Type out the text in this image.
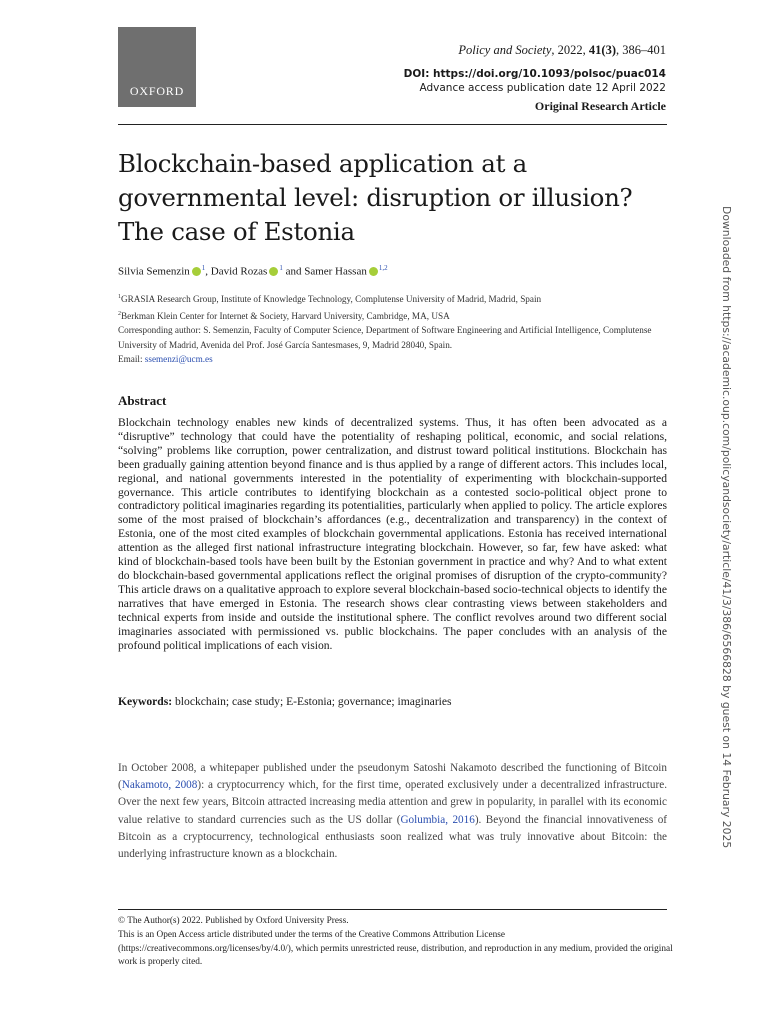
OXFORD
Policy and Society, 2022, 41(3), 386–401
DOI: https://doi.org/10.1093/polsoc/puac014
Advance access publication date 12 April 2022
Original Research Article
Blockchain-based application at a governmental level: disruption or illusion? The case of Estonia
Silvia Semenzin $^1$, David Rozas $^1$ and Samer Hassan $^{1,2}$
$^1$GRASIA Research Group, Institute of Knowledge Technology, Complutense University of Madrid, Madrid, Spain
$^2$Berkman Klein Center for Internet & Society, Harvard University, Cambridge, MA, USA
Corresponding author: S. Semenzin, Faculty of Computer Science, Department of Software Engineering and Artificial Intelligence, Complutense University of Madrid, Avenida del Prof. José García Santesmases, 9, Madrid 28040, Spain.
Email: ssemenzi@ucm.es
Abstract

Blockchain technology enables new kinds of decentralized systems. Thus, it has often been advocated as a “disruptive” technology that could have the potentiality of reshaping political, economic, and social relations, “solving” problems like corruption, power centralization, and distrust toward political institutions. Blockchain has been gradually gaining attention beyond finance and is thus applied by a range of different actors. This includes local, regional, and national governments interested in the potentiality of experimenting with blockchain-supported governance. This article contributes to identifying blockchain as a contested socio-political object prone to contradictory political imaginaries regarding its potentialities, particularly when applied to policy. The article explores some of the most praised of blockchain’s affordances (e.g., decentralization and transparency) in the context of Estonia, one of the most cited examples of blockchain governmental applications. Estonia has received international attention as the alleged first national infrastructure integrating blockchain. However, so far, few have asked: what kind of blockchain-based tools have been built by the Estonian government in practice and why? And to what extent do blockchain-based governmental applications reflect the original promises of disruption of the crypto-community? This article draws on a qualitative approach to explore several blockchain-based socio-technical objects to identify the narratives that have emerged in Estonia. The research shows clear contrasting views between stakeholders and technical experts from inside and outside the institutional sphere. The conflict revolves around two different social imaginaries associated with permissioned vs. public blockchains. The paper concludes with an analysis of the profound political implications of each vision.

Keywords: blockchain; case study; E-Estonia; governance; imaginaries

In October 2008, a whitepaper published under the pseudonym Satoshi Nakamoto described the functioning of Bitcoin (Nakamoto, 2008): a cryptocurrency which, for the first time, operated exclusively under a decentralized infrastructure. Over the next few years, Bitcoin attracted increasing media attention and grew in popularity, in parallel with its economic value relative to standard currencies such as the US dollar (Golumbia, 2016). Beyond the financial innovativeness of Bitcoin as a cryptocurrency, technological enthusiasts soon realized what was truly innovative about Bitcoin: the underlying infrastructure known as a blockchain.

© The Author(s) 2022. Published by Oxford University Press.
This is an Open Access article distributed under the terms of the Creative Commons Attribution License
(https://creativecommons.org/licenses/by/4.0/), which permits unrestricted reuse, distribution, and reproduction in any medium, provided the original work is properly cited.
Downloaded from https://academic.oup.com/policyandsociety/article/41/3/386/6566828 by guest on 14 February 2025
